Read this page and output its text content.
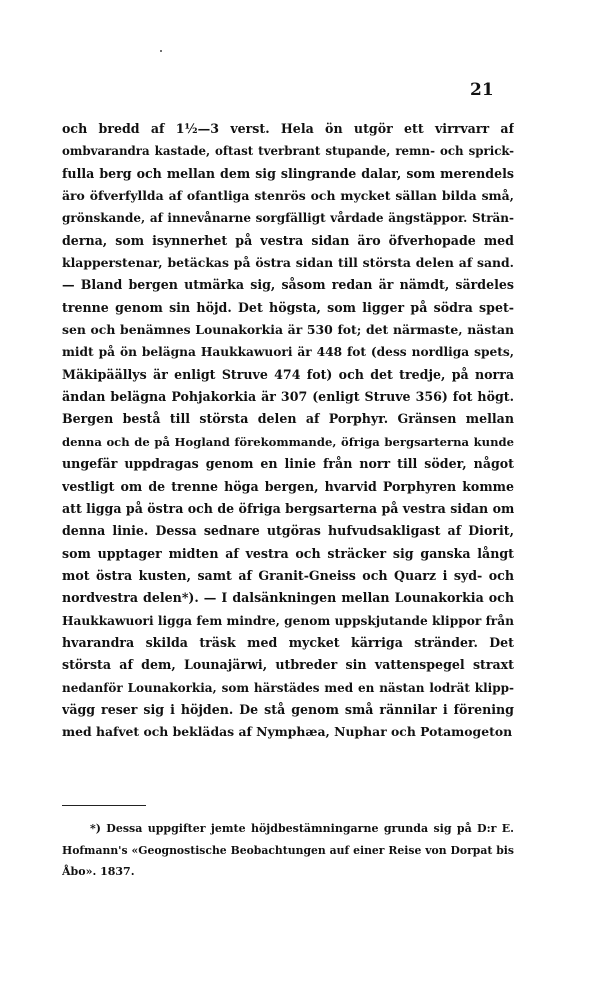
21

och bredd af 1½—3 verst. Hela ön utgör ett virrvarr af
ombvarandra kastade, oftast tverbrant stupande, remn- och sprick-
fulla berg och mellan dem sig slingrande dalar, som merendels
äro öfverfyllda af ofantliga stenrös och mycket sällan bilda små,
grönskande, af innevånarne sorgfälligt vårdade ängstäppor. Strän-
derna, som isynnerhet på vestra sidan äro öfverhopade med
klapperstenar, betäckas på östra sidan till största delen af sand.
— Bland bergen utmärka sig, såsom redan är nämdt, särdeles
trenne genom sin höjd. Det högsta, som ligger på södra spet-
sen och benämnes Lounakorkia är 530 fot; det närmaste, nästan
midt på ön belägna Haukkawuori är 448 fot (dess nordliga spets,
Mäkipäällys är enligt Struve 474 fot) och det tredje, på norra
ändan belägna Pohjakorkia är 307 (enligt Struve 356) fot högt.
Bergen bestå till största delen af Porphyr. Gränsen mellan
denna och de på Hogland förekommande, öfriga bergsarterna kunde
ungefär uppdragas genom en linie från norr till söder, något
vestligt om de trenne höga bergen, hvarvid Porphyren komme
att ligga på östra och de öfriga bergsarterna på vestra sidan om
denna linie. Dessa sednare utgöras hufvudsakligast af Diorit,
som upptager midten af vestra och sträcker sig ganska långt
mot östra kusten, samt af Granit-Gneiss och Quarz i syd- och
nordvestra delen*). — I dalsänkningen mellan Lounakorkia och
Haukkawuori ligga fem mindre, genom uppskjutande klippor från
hvarandra skilda träsk med mycket kärriga stränder. Det
största af dem, Lounajärwi, utbreder sin vattenspegel straxt
nedanför Lounakorkia, som härstädes med en nästan lodrät klipp-
vägg reser sig i höjden. De stå genom små rännilar i förening
med hafvet och beklädas af Nymphæa, Nuphar och Potamogeton
*) Dessa uppgifter jemte höjdbestämningarne grunda sig på D:r E.
Hofmann's «Geognostische Beobachtungen auf einer Reise von Dorpat bis
Åbo». 1837.
